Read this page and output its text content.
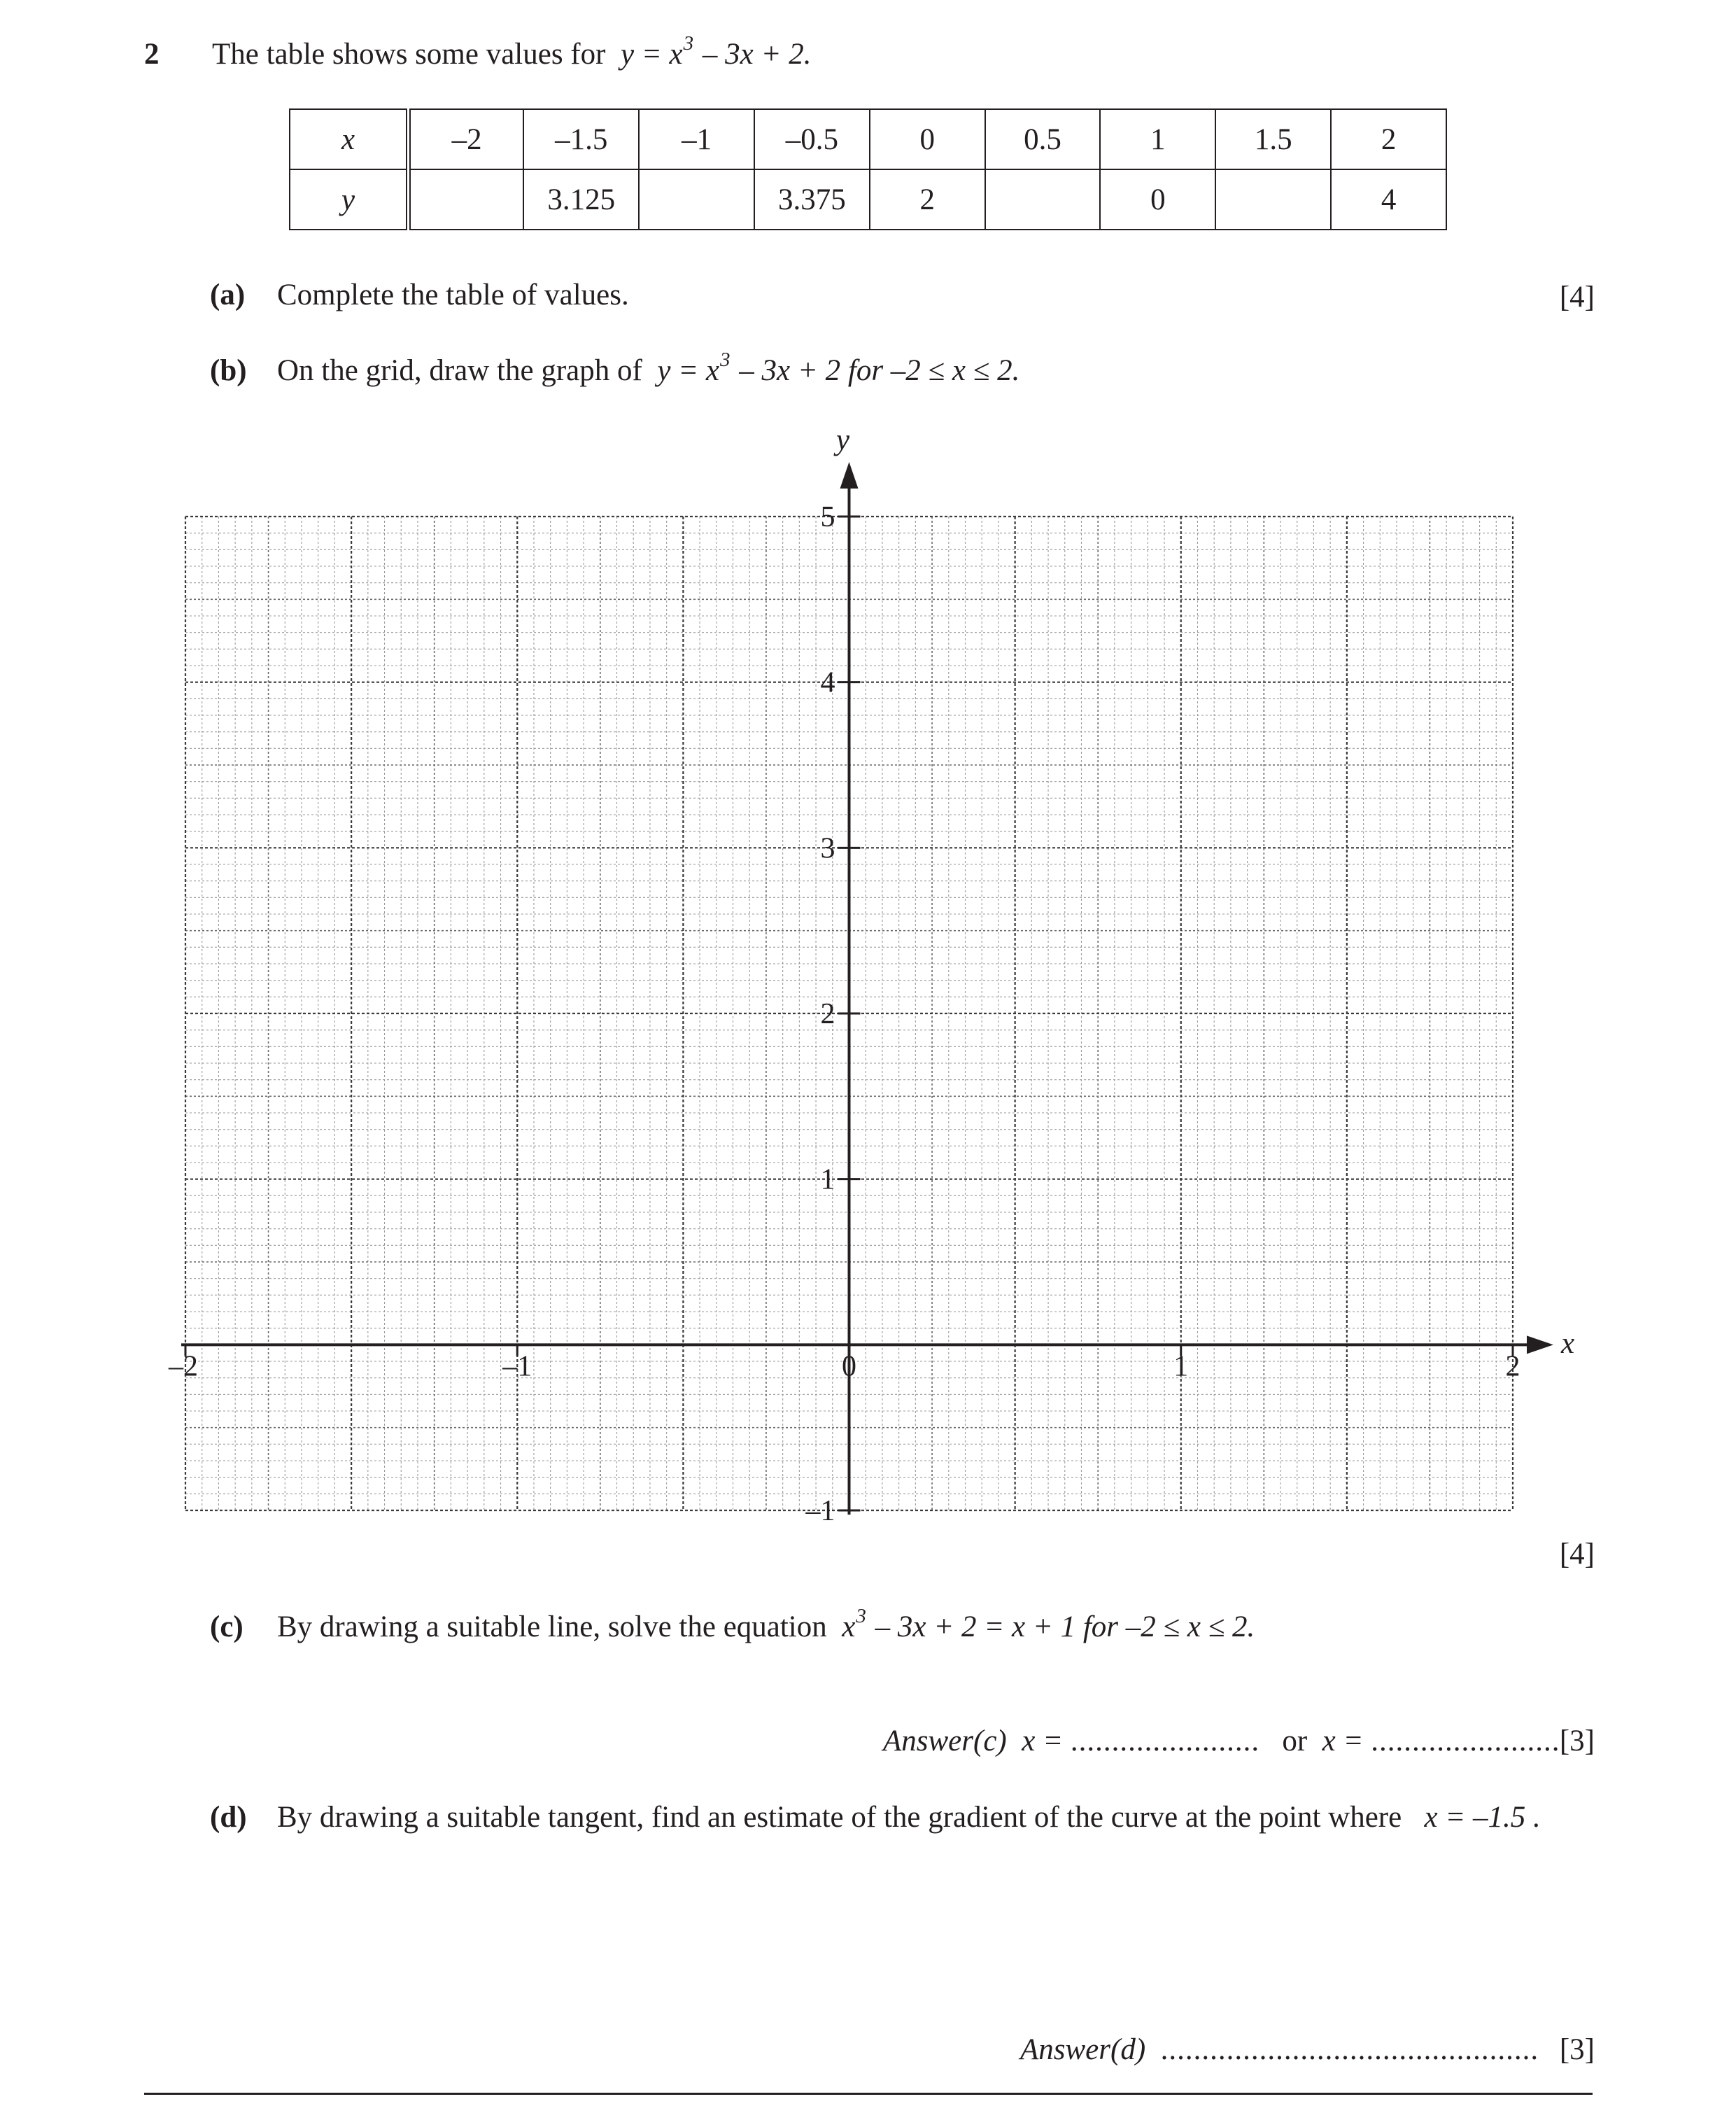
2 The table shows some values for $y = x^3 - 3x + 2$.
x	–2	–1.5	–1	–0.5	0	0.5	1	1.5	2
y		3.125		3.375	2		0		4
(a) Complete the table of values.	[4]
(b) On the grid, draw the graph of $y = x^3 - 3x + 2$ for –2 ≤ x ≤ 2.
–2	–1	0	1	2
–1
1
2
3
4
5
y
x
[4]
(c) By drawing a suitable line, solve the equation $x^3 - 3x + 2 = x + 1$ for –2 ≤ x ≤ 2.
Answer(c) x = ....................... or x = ....................... [3]
(d) By drawing a suitable tangent, find an estimate of the gradient of the curve at the point where x = –1.5 .
Answer(d) .............................................. [3]
